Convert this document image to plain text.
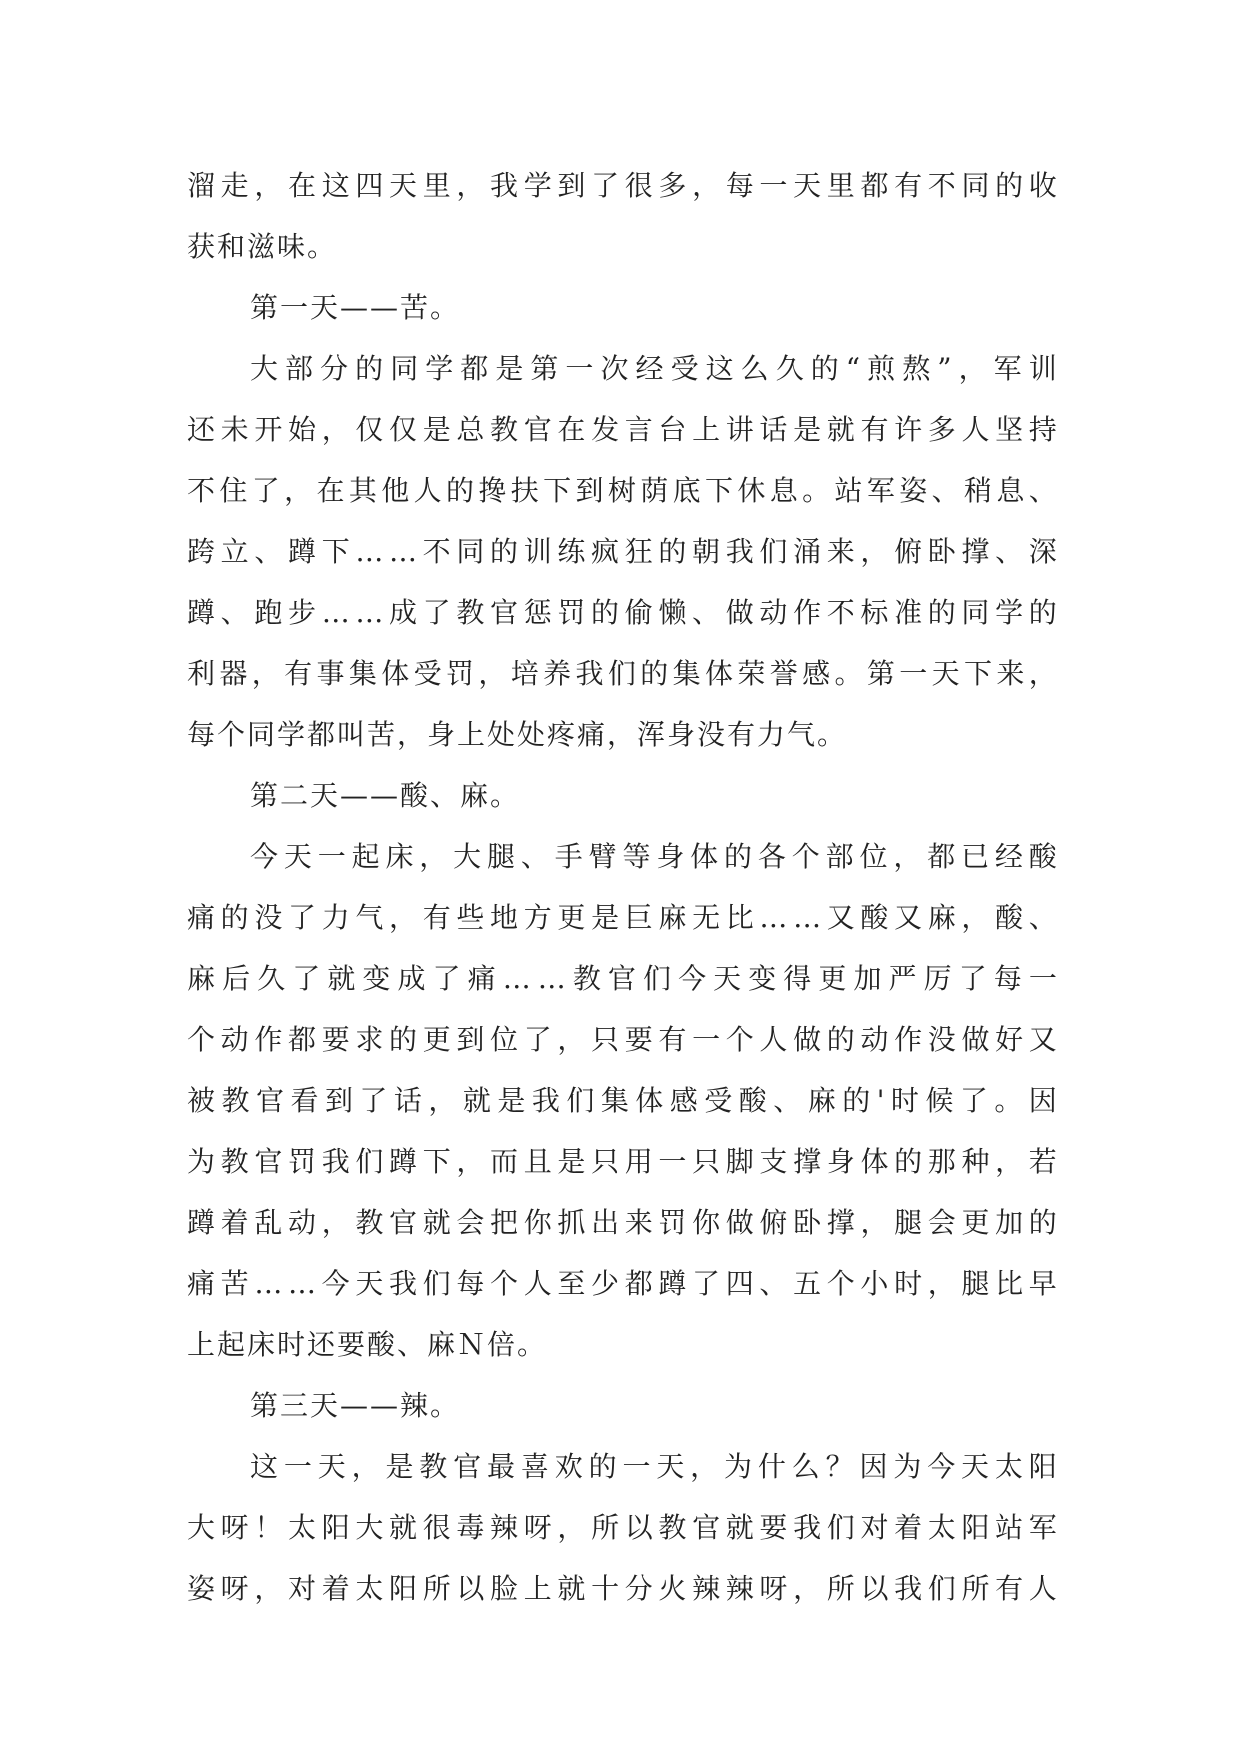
溜 走 ， 在 这 四 天 里 ， 我 学 到 了 很 多 ， 每 一 天 里 都 有 不 同 的 收
获和滋味。
第一天——苦。
大 部 分 的 同 学 都 是 第 一 次 经 受 这 么 久 的 “ 煎 熬 ” ， 军 训
还 未 开 始 ， 仅 仅 是 总 教 官 在 发 言 台 上 讲 话 是 就 有 许 多 人 坚 持
不 住 了 ， 在 其 他 人 的 搀 扶 下 到 树 荫 底 下 休 息 。 站 军 姿 、 稍 息 、
跨 立 、 蹲 下 … … 不 同 的 训 练 疯 狂 的 朝 我 们 涌 来 ， 俯 卧 撑 、 深
蹲 、 跑 步 … … 成 了 教 官 惩 罚 的 偷 懒 、 做 动 作 不 标 准 的 同 学 的
利 器 ， 有 事 集 体 受 罚 ， 培 养 我 们 的 集 体 荣 誉 感 。 第 一 天 下 来 ，
每个同学都叫苦，身上处处疼痛，浑身没有力气。
第二天——酸、麻。
今 天 一 起 床 ， 大 腿 、 手 臂 等 身 体 的 各 个 部 位 ， 都 已 经 酸
痛 的 没 了 力 气 ， 有 些 地 方 更 是 巨 麻 无 比 … … 又 酸 又 麻 ， 酸 、
麻 后 久 了 就 变 成 了 痛 … … 教 官 们 今 天 变 得 更 加 严 厉 了 每 一
个 动 作 都 要 求 的 更 到 位 了 ， 只 要 有 一 个 人 做 的 动 作 没 做 好 又
被 教 官 看 到 了 话 ， 就 是 我 们 集 体 感 受 酸 、 麻 的 ' 时 候 了 。 因
为 教 官 罚 我 们 蹲 下 ， 而 且 是 只 用 一 只 脚 支 撑 身 体 的 那 种 ， 若
蹲 着 乱 动 ， 教 官 就 会 把 你 抓 出 来 罚 你 做 俯 卧 撑 ， 腿 会 更 加 的
痛 苦 … … 今 天 我 们 每 个 人 至 少 都 蹲 了 四 、 五 个 小 时 ， 腿 比 早
上起床时还要酸、麻Ｎ倍。
第三天——辣。
这 一 天 ， 是 教 官 最 喜 欢 的 一 天 ， 为 什 么 ？ 因 为 今 天 太 阳
大 呀 ！ 太 阳 大 就 很 毒 辣 呀 ， 所 以 教 官 就 要 我 们 对 着 太 阳 站 军
姿 呀 ， 对 着 太 阳 所 以 脸 上 就 十 分 火 辣 辣 呀 ， 所 以 我 们 所 有 人
